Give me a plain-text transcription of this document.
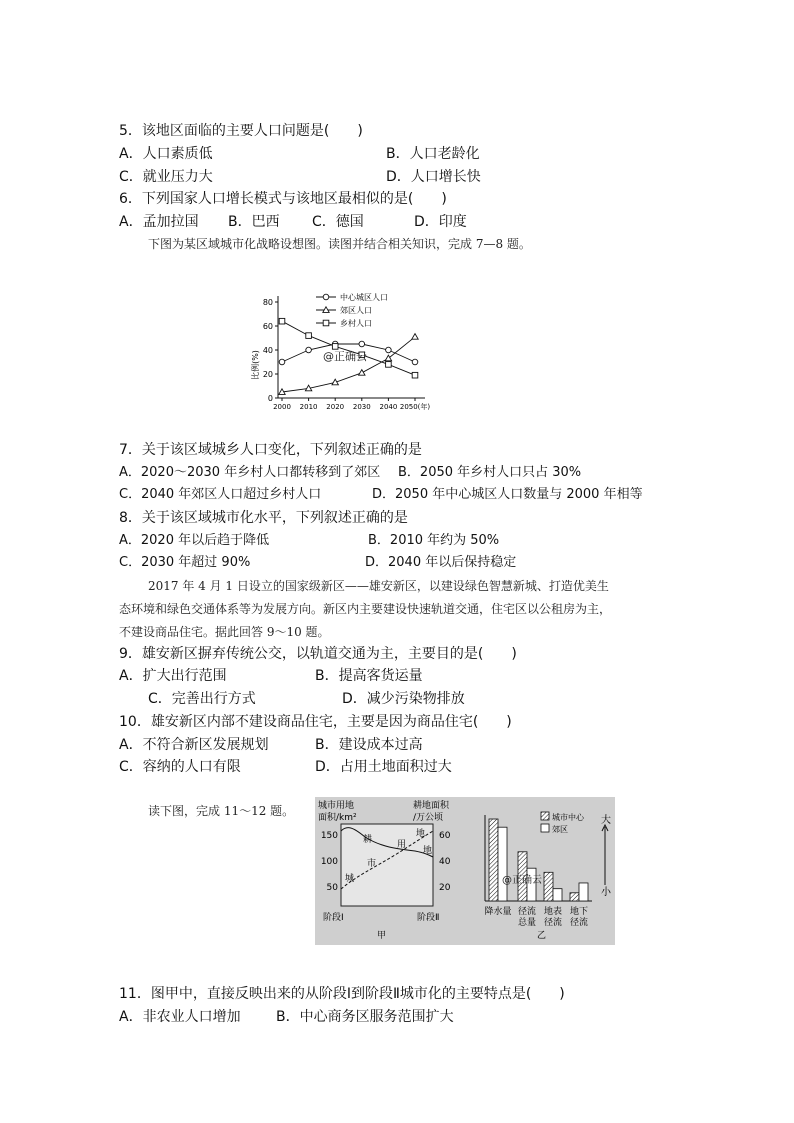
5．该地区面临的主要人口问题是(　　)
A．人口素质低	B．人口老龄化
C．就业压力大	D．人口增长快
6．下列国家人口增长模式与该地区最相似的是(　　)
A．孟加拉国 B．巴西 C．德国	D．印度
下图为某区域城市化战略设想图。读图并结合相关知识，完成 7—8 题。
0
20
40
60
80
2000 2010 2020 2030 2040 2050(年)
中心城区人口
郊区人口
乡村人口
比例(%)	@正确云
7．关于该区域城乡人口变化，下列叙述正确的是
A．2020～2030 年乡村人口都转移到了郊区 B．2050 年乡村人口只占 30%
C．2040 年郊区人口超过乡村人口	D．2050 年中心城区人口数量与 2000 年相等
8．关于该区域城市化水平，下列叙述正确的是
A．2020 年以后趋于降低	B．2010 年约为 50%
C．2030 年超过 90%	D．2040 年以后保持稳定
2017 年 4 月 1 日设立的国家级新区——雄安新区，以建设绿色智慧新城、打造优美生
态环境和绿色交通体系等为发展方向。新区内主要建设快速轨道交通，住宅区以公租房为主，
不建设商品住宅。据此回答 9～10 题。
9．雄安新区摒弃传统公交，以轨道交通为主，主要目的是(　　)
A．扩大出行范围	B．提高客货运量
C．完善出行方式	D．减少污染物排放
10．雄安新区内部不建设商品住宅，主要是因为商品住宅(　　)
A．不符合新区发展规划	B．建设成本过高
C．容纳的人口有限	D．占用土地面积过大
读下图，完成 11～12 题。	城市用地
面积/km²
耕地面积
/万公顷
150
100
50
60
40
20
耕
地
地
城
市
用
阶段Ⅰ	阶段Ⅱ
甲
城市中心
郊区
降水量 径流
总量
地表
径流
地下
径流
@正确云
大
小
乙
11．图甲中，直接反映出来的从阶段Ⅰ到阶段Ⅱ城市化的主要特点是(　　)
A．非农业人口增加	B．中心商务区服务范围扩大
